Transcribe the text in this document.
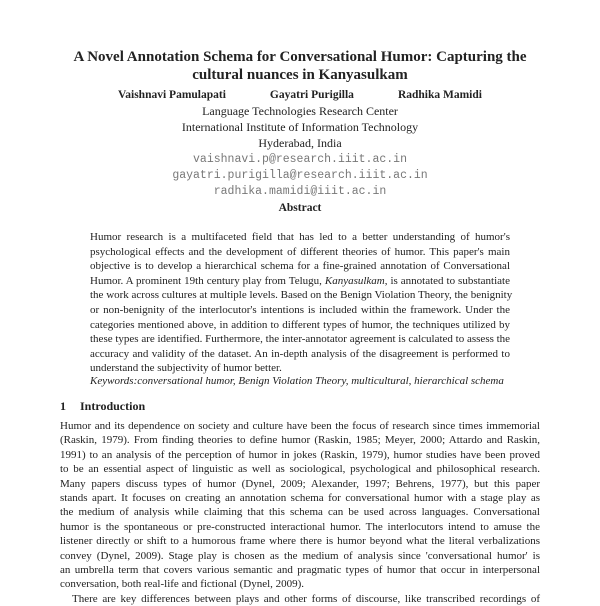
A Novel Annotation Schema for Conversational Humor: Capturing the
cultural nuances in Kanyasulkam
Vaishnavi Pamulapati	Gayatri Purigilla	Radhika Mamidi
Language Technologies Research Center
International Institute of Information Technology
Hyderabad, India
vaishnavi.p@research.iiit.ac.in
gayatri.purigilla@research.iiit.ac.in
radhika.mamidi@iiit.ac.in
Abstract
Humor research is a multifaceted field that has led to a better understanding of humor's
psychological effects and the development of different theories of humor. This paper's main
objective is to develop a hierarchical schema for a fine-grained annotation of Conversational
Humor. A prominent 19th century play from Telugu, Kanyasulkam, is annotated to substantiate
the work across cultures at multiple levels. Based on the Benign Violation Theory, the benignity
or non-benignity of the interlocutor's intentions is included within the framework. Under the
categories mentioned above, in addition to different types of humor, the techniques utilized by
these types are identified. Furthermore, the inter-annotator agreement is calculated to assess the
accuracy and validity of the dataset. An in-depth analysis of the disagreement is performed to
understand the subjectivity of humor better.
Keywords:conversational humor, Benign Violation Theory, multicultural, hierarchical schema
1 Introduction
Humor and its dependence on society and culture have been the focus of research since times immemorial
(Raskin, 1979). From finding theories to define humor (Raskin, 1985; Meyer, 2000; Attardo and Raskin,
1991) to an analysis of the perception of humor in jokes (Raskin, 1979), humor studies have been proved
to be an essential aspect of linguistic as well as sociological, psychological and philosophical research.
Many papers discuss types of humor (Dynel, 2009; Alexander, 1997; Behrens, 1977), but this paper
stands apart. It focuses on creating an annotation schema for conversational humor with a stage play as
the medium of analysis while claiming that this schema can be used across languages. Conversational
humor is the spontaneous or pre-constructed interactional humor. The interlocutors intend to amuse the
listener directly or shift to a humorous frame where there is humor beyond what the literal verbalizations
convey (Dynel, 2009). Stage play is chosen as the medium of analysis since 'conversational humor' is
an umbrella term that covers various semantic and pragmatic types of humor that occur in interpersonal
conversation, both real-life and fictional (Dynel, 2009).
There are key differences between plays and other forms of discourse, like transcribed recordings of
